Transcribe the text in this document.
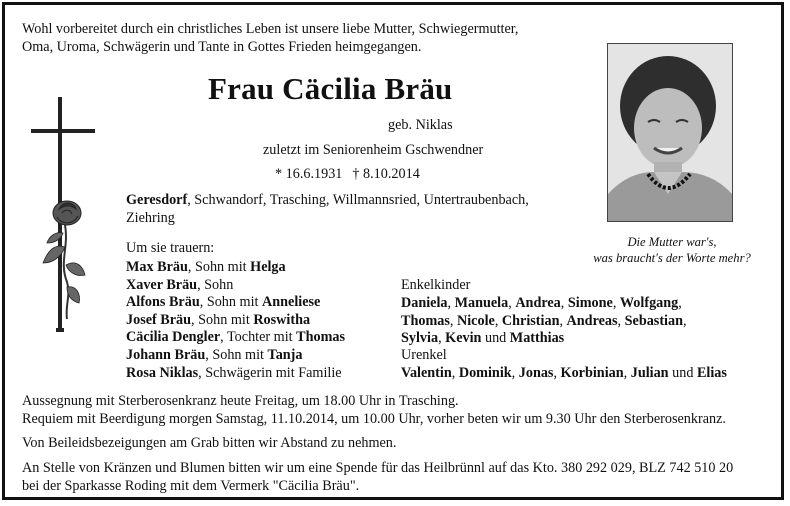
Wohl vorbereitet durch ein christliches Leben ist unsere liebe Mutter, Schwiegermutter,
Oma, Uroma, Schwägerin und Tante in Gottes Frieden heimgegangen.
Frau Cäcilia Bräu
geb. Niklas
zuletzt im Seniorenheim Gschwendner
* 16.6.1931 † 8.10.2014
Geresdorf, Schwandorf, Trasching, Willmannsried, Untertraubenbach, Ziehring
Um sie trauern:
Max Bräu, Sohn mit Helga
Xaver Bräu, Sohn
Alfons Bräu, Sohn mit Anneliese
Josef Bräu, Sohn mit Roswitha
Cäcilia Dengler, Tochter mit Thomas
Johann Bräu, Sohn mit Tanja
Rosa Niklas, Schwägerin mit Familie
Enkelkinder
Daniela, Manuela, Andrea, Simone, Wolfgang,
Thomas, Nicole, Christian, Andreas, Sebastian,
Sylvia, Kevin und Matthias
Urenkel
Valentin, Dominik, Jonas, Korbinian, Julian und Elias
Die Mutter war's,
was braucht's der Worte mehr?
Aussegnung mit Sterberosenkranz heute Freitag, um 18.00 Uhr in Trasching.
Requiem mit Beerdigung morgen Samstag, 11.10.2014, um 10.00 Uhr, vorher beten wir um 9.30 Uhr den Sterberosenkranz.
Von Beileidsbezeigungen am Grab bitten wir Abstand zu nehmen.
An Stelle von Kränzen und Blumen bitten wir um eine Spende für das Heilbrünnl auf das Kto. 380 292 029, BLZ 742 510 20
bei der Sparkasse Roding mit dem Vermerk "Cäcilia Bräu".
